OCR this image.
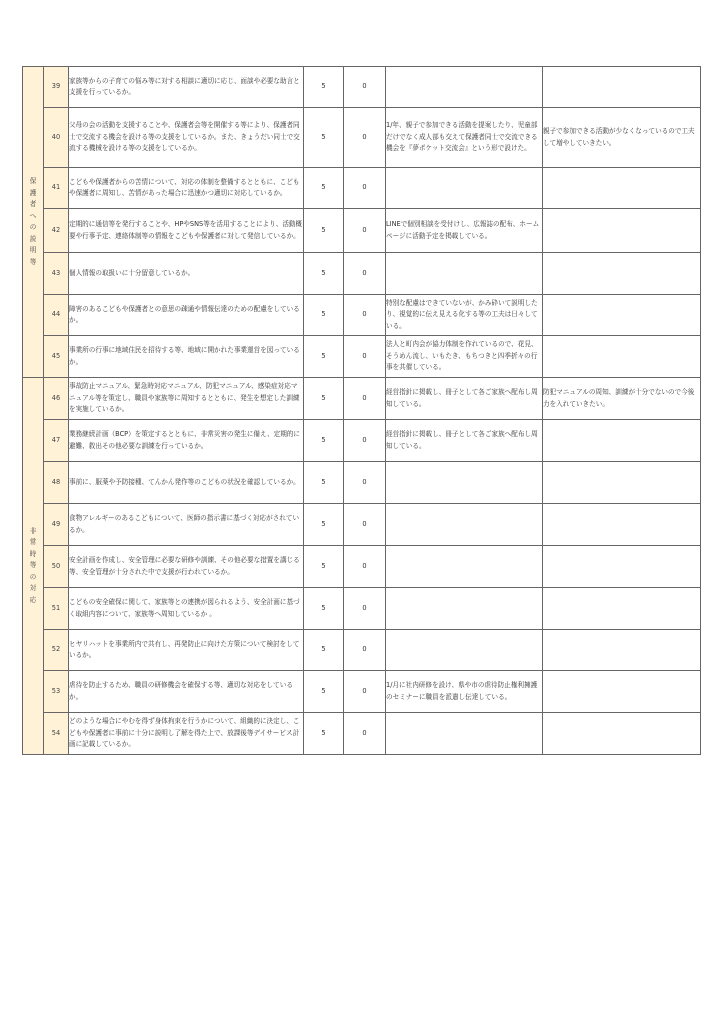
保護者への説明等	39	家族等からの子育ての悩み等に対する相談に適切に応じ、面談や必要な助言と支援を行っているか。	5	0		
	40	父母の会の活動を支援することや、保護者会等を開催する等により、保護者同士で交流する機会を設ける等の支援をしているか。また、きょうだい同士で交流する機械を設ける等の支援をしているか。	5	0	1/年、親子で参加できる活動を提案したり、児童部だけでなく成人部も交えて保護者同士で交流できる機会を『夢ポケット交流会』という形で設けた。	親子で参加できる活動が少なくなっているので工夫して増やしていきたい。
	41	こどもや保護者からの苦情について、対応の体制を整備するとともに、こどもや保護者に周知し、苦情があった場合に迅速かつ適切に対応しているか。	5	0		
	42	定期的に通信等を発行することや、HPやSNS等を活用することにより、活動概要や行事予定、連絡体制等の情報をこどもや保護者に対して発信しているか。	5	0	LINEで個別相談を受付けし、広報誌の配布、ホームページに活動予定を掲載している。	
	43	個人情報の取扱いに十分留意しているか。	5	0		
	44	障害のあるこどもや保護者との意思の疎通や情報伝達のための配慮をしているか。	5	0	特別な配慮はできていないが、かみ砕いて説明したり、視覚的に伝え見える化する等の工夫は日々している。	
	45	事業所の行事に地域住民を招待する等、地域に開かれた事業運営を図っているか。	5	0	法人と町内会が協力体制を作れているので、花見、そうめん流し、いもたき、もちつきと四季折々の行事を共催している。	

非常時等の対応	46	事故防止マニュアル、緊急時対応マニュアル、防犯マニュアル、感染症対応マニュアル等を策定し、職員や家族等に周知するとともに、発生を想定した訓練を実施しているか。	5	0	経営指針に掲載し、冊子として各ご家族へ配布し周知している。	防犯マニュアルの周知、訓練が十分でないので今後力を入れていきたい。
	47	業務継続計画（BCP）を策定するとともに、非常災害の発生に備え、定期的に避難、救出その他必要な訓練を行っているか。	5	0	経営指針に掲載し、冊子として各ご家族へ配布し周知している。	
	48	事前に、服薬や予防接種、てんかん発作等のこどもの状況を確認しているか。	5	0		
	49	食物アレルギーのあるこどもについて、医師の指示書に基づく対応がされているか。	5	0		
	50	安全計画を作成し、安全管理に必要な研修や訓練、その他必要な措置を講じる等、安全管理が十分された中で支援が行われているか。	5	0		
	51	こどもの安全確保に関して、家族等との連携が図られるよう、安全計画に基づく取組内容について、家族等へ周知しているか 。	5	0		
	52	ヒヤリハットを事業所内で共有し、再発防止に向けた方策について検討をしているか。	5	0		
	53	虐待を防止するため、職員の研修機会を確保する等、適切な対応をしているか。	5	0	1/月に社内研修を設け、県や市の虐待防止権利擁護のセミナーに職員を派遣し伝達している。	
	54	どのような場合にやむを得ず身体拘束を行うかについて、組織的に決定し、こどもや保護者に事前に十分に説明し了解を得た上で、放課後等デイサービス計画に記載しているか。	5	0		
